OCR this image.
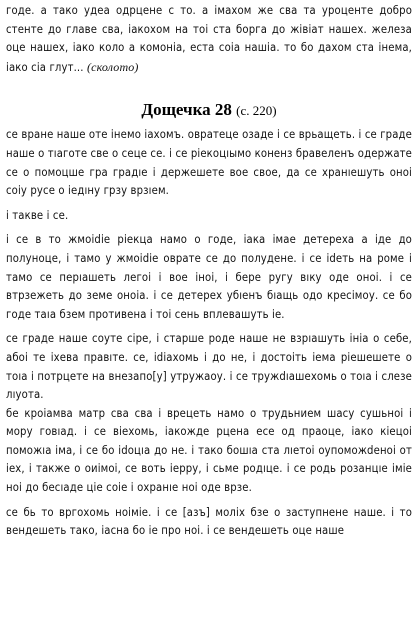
годе. а тако удеа одрцене с то. а імахом же сва та уроценте добро стенте до главе сва, іакохом на тоі ста борга до жівіат нашех. железа оце нашех, іако коло а комоніа, еста соіа нашіа. то бо дахом ста інема, іако сіа глут... (сколото)

Дощечка 28 (с. 220)

се вране наше оте інемо іахомъ. овратеце озаде і се врьащеть. і се граде наше о тıаготе све о сеце се. і се ріекоцıымо коненз бравеленъ одержате се о помоцше гра градıе і держешете вое свое, да се хранıешуть оноі соіу русе о іедıну грзу врзıем.

і такве і се.

і се в то жмоіdіe ріекца намо о годе, іака імае детереха а іде до полуноце, і тамо у жмоіdіe оврате се до полудене. і се іdеть на роме і тамо се перıашеть легоі і вое іноі, і бере ругу вıку одe оноі. і се втрзежеть до земе оноіа. і се детерех убıенъ бıащь одо кресімоу. се бо годе таıа бзем противена і тоі сень вплевашуть іе.

се граде наше соуте сіре, і старше роде наше не взрıашуть ініа о себе, абоі те іхева правıте. се, іdіахомь і до не, і достоіть іема ріешешете о тоıа і потрцете на внезапо[у] утружаоу. і се тружdıашехомь о тоıа і слезе лıуота.

бе кроiамва матр сва сва і врецеть намо о трудьнием шасу сушьноі і мору говıад. і се віехомь, іакожде рцена есе од праоце, іако кіецоі поможıа іма, і се бо іdоцıа до не. і тако бошıа ста лıетоі оупоможdеноі от іех, і также о оиімоі, се воть іерру, і сьме родıце. і се родь розанцıе іміе ноі до бесıаде ціе соіе і охранıе ноі оде врзе.

се бь то вргохомь ноіміe. і се [азъ] моліх бзе о заступнене наше. і то вендешеть тако, іасна бо іе про ноі. і се вендешеть оце наше
